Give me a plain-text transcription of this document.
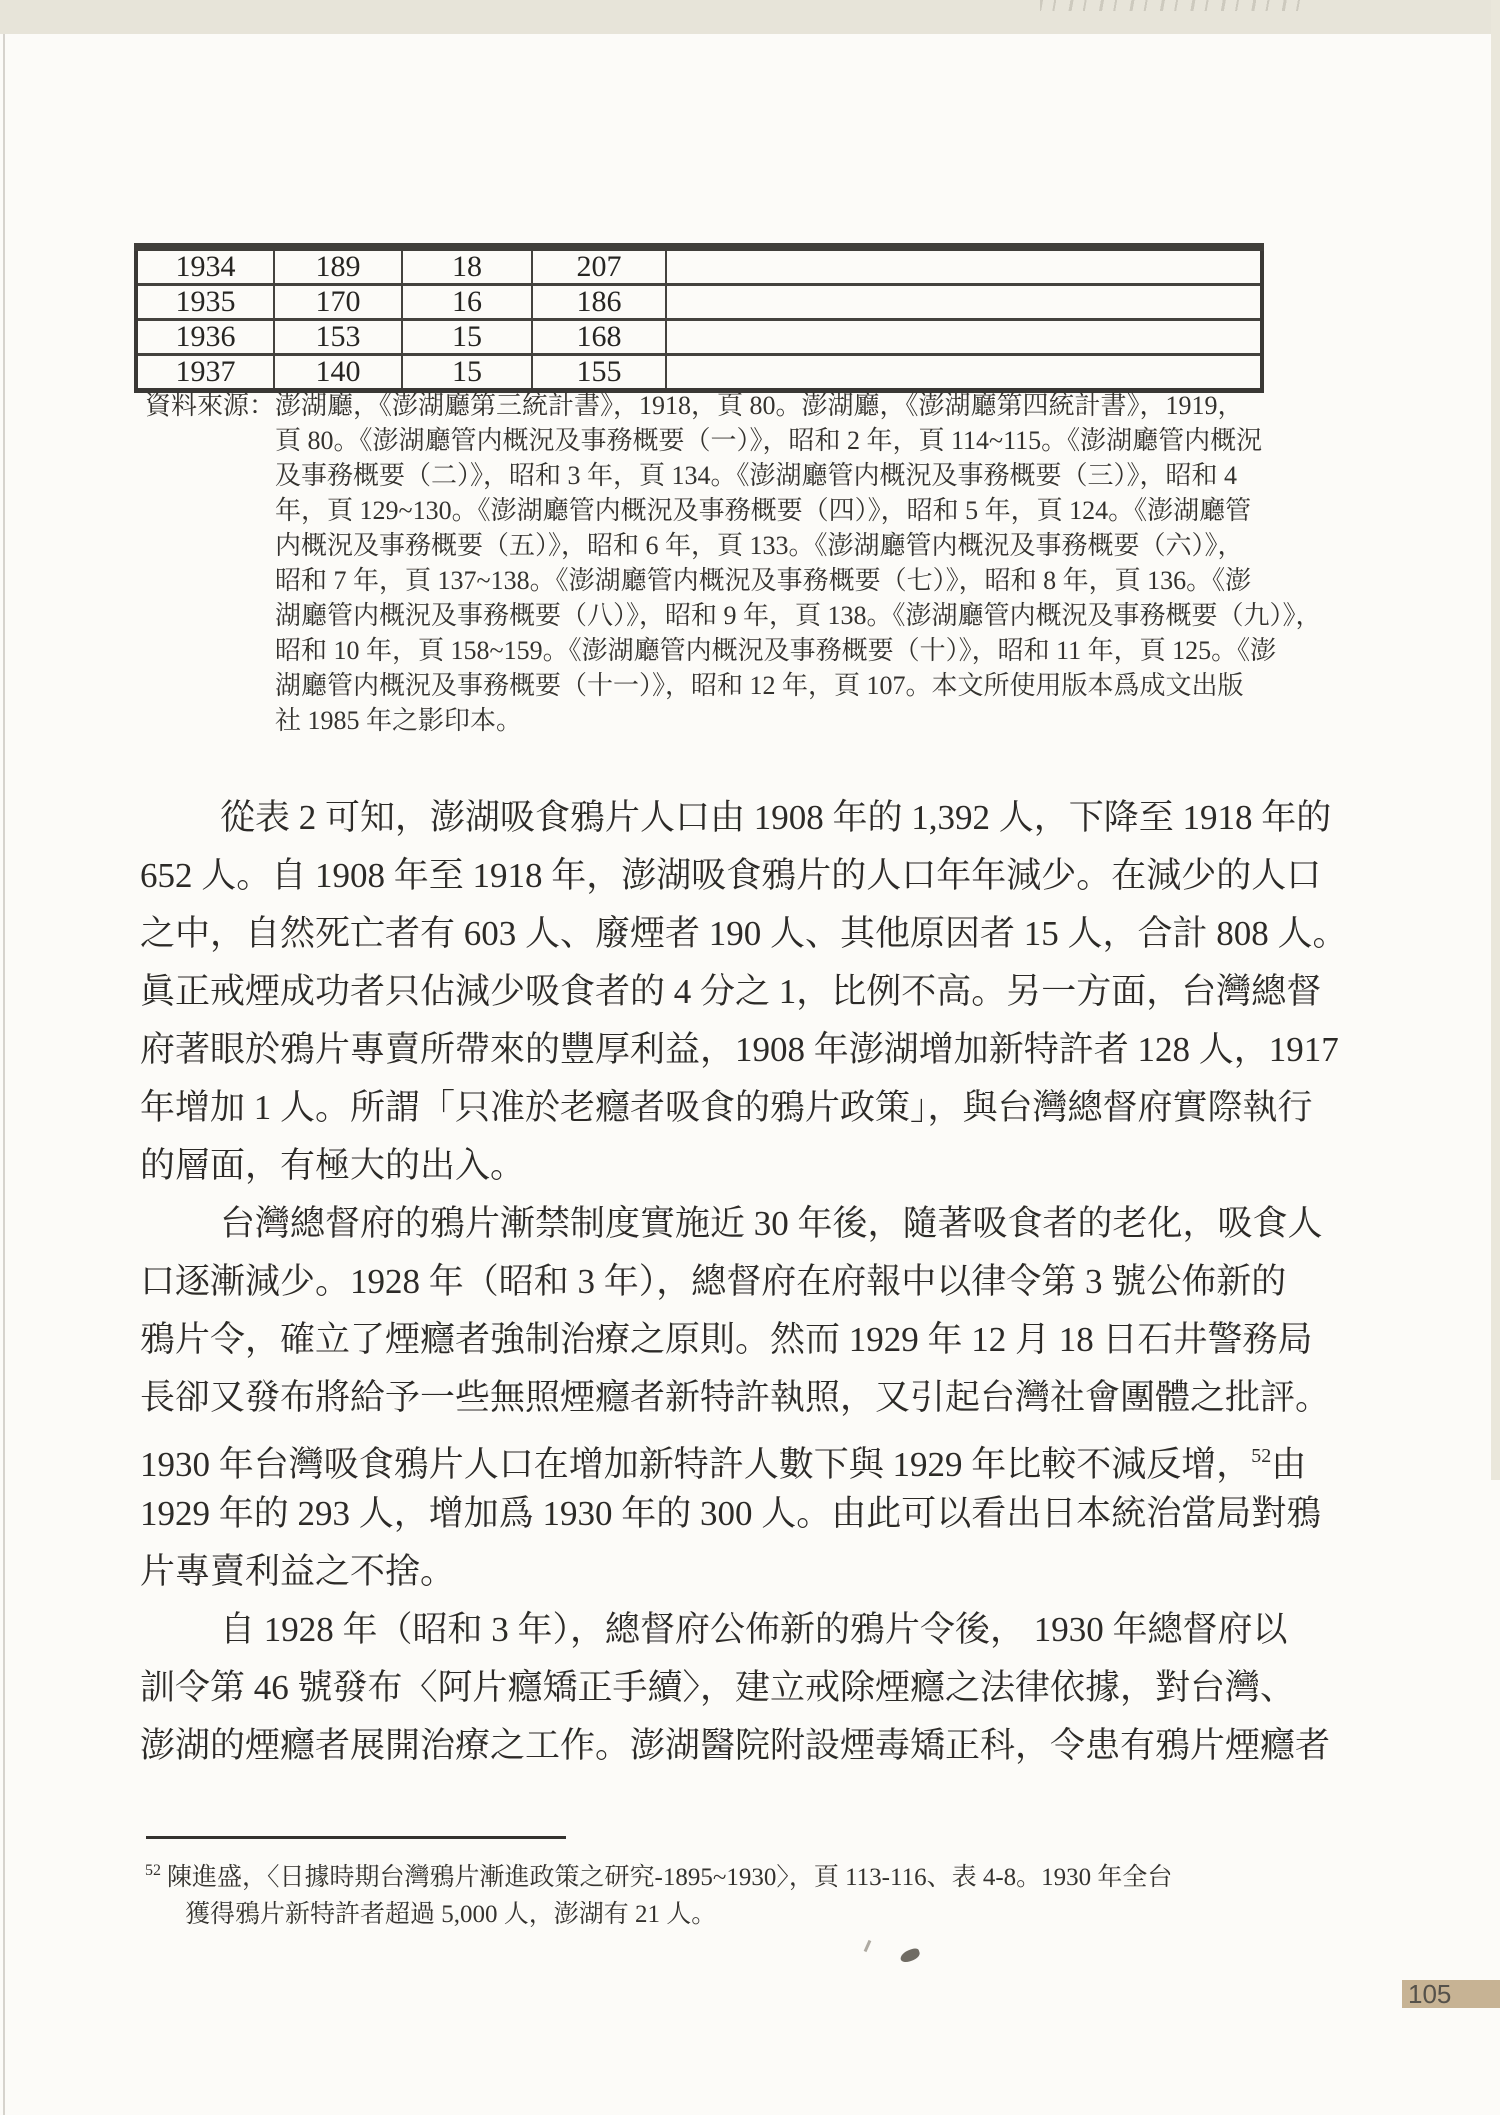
1934	189	18	207	
1935	170	16	186	
1936	153	15	168	
1937	140	15	155	
資料來源：澎湖廳，《澎湖廳第三統計書》，1918，頁 80。澎湖廳，《澎湖廳第四統計書》，1919，
頁 80。《澎湖廳管内概況及事務概要（一）》，昭和 2 年，頁 114~115。《澎湖廳管内概況
及事務概要（二）》，昭和 3 年，頁 134。《澎湖廳管内概況及事務概要（三）》，昭和 4
年，頁 129~130。《澎湖廳管内概況及事務概要（四）》，昭和 5 年，頁 124。《澎湖廳管
内概況及事務概要（五）》，昭和 6 年，頁 133。《澎湖廳管内概況及事務概要（六）》，
昭和 7 年，頁 137~138。《澎湖廳管内概況及事務概要（七）》，昭和 8 年，頁 136。《澎
湖廳管内概況及事務概要（八）》，昭和 9 年，頁 138。《澎湖廳管内概況及事務概要（九）》，
昭和 10 年，頁 158~159。《澎湖廳管内概況及事務概要（十）》，昭和 11 年，頁 125。《澎
湖廳管内概況及事務概要（十一）》，昭和 12 年，頁 107。本文所使用版本爲成文出版
社 1985 年之影印本。
從表 2 可知，澎湖吸食鴉片人口由 1908 年的 1,392 人，下降至 1918 年的
652 人。自 1908 年至 1918 年，澎湖吸食鴉片的人口年年減少。在減少的人口
之中，自然死亡者有 603 人、廢煙者 190 人、其他原因者 15 人，合計 808 人。
眞正戒煙成功者只佔減少吸食者的 4 分之 1，比例不高。另一方面，台灣總督
府著眼於鴉片專賣所帶來的豐厚利益，1908 年澎湖增加新特許者 128 人，1917
年增加 1 人。所謂「只准於老癮者吸食的鴉片政策」，與台灣總督府實際執行
的層面，有極大的出入。
台灣總督府的鴉片漸禁制度實施近 30 年後，隨著吸食者的老化，吸食人
口逐漸減少。1928 年（昭和 3 年），總督府在府報中以律令第 3 號公佈新的
鴉片令，確立了煙癮者強制治療之原則。然而 1929 年 12 月 18 日石井警務局
長卻又發布將給予一些無照煙癮者新特許執照，又引起台灣社會團體之批評。
1930 年台灣吸食鴉片人口在增加新特許人數下與 1929 年比較不減反增，$^{52}$由
1929 年的 293 人，增加爲 1930 年的 300 人。由此可以看出日本統治當局對鴉
片專賣利益之不捨。
自 1928 年（昭和 3 年），總督府公佈新的鴉片令後， 1930 年總督府以
訓令第 46 號發布〈阿片癮矯正手續〉，建立戒除煙癮之法律依據，對台灣、
澎湖的煙癮者展開治療之工作。澎湖醫院附設煙毒矯正科，令患有鴉片煙癮者
$^{52}$ 陳進盛，〈日據時期台灣鴉片漸進政策之研究-1895~1930〉，頁 113-116、表 4-8。1930 年全台
獲得鴉片新特許者超過 5,000 人，澎湖有 21 人。
105
